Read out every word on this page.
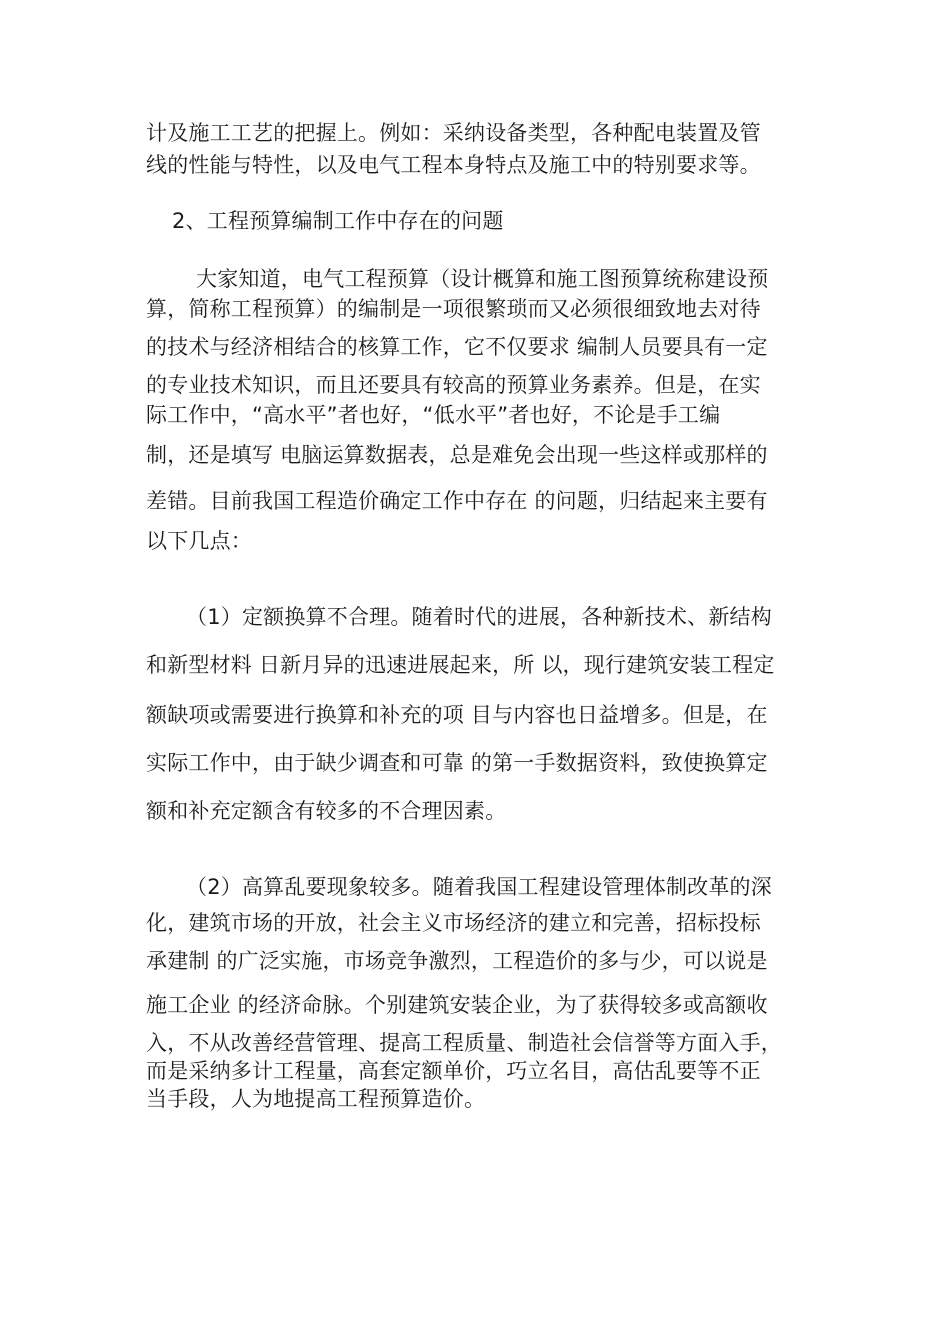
计及施工工艺的把握上。例如：采纳设备类型，各种配电装置及管
线的性能与特性，以及电气工程本身特点及施工中的特别要求等。
2、工程预算编制工作中存在的问题
大家知道，电气工程预算（设计概算和施工图预算统称建设预
算，简称工程预算）的编制是一项很繁琐而又必须很细致地去对待
的技术与经济相结合的核算工作，它不仅要求 编制人员要具有一定
的专业技术知识，而且还要具有较高的预算业务素养。但是，在实
际工作中，“高水平”者也好，“低水平”者也好，不论是手工编
制，还是填写 电脑运算数据表，总是难免会出现一些这样或那样的
差错。目前我国工程造价确定工作中存在 的问题，归结起来主要有
以下几点：
（1）定额换算不合理。随着时代的进展，各种新技术、新结构
和新型材料 日新月异的迅速进展起来，所 以，现行建筑安装工程定
额缺项或需要进行换算和补充的项 目与内容也日益增多。但是，在
实际工作中，由于缺少调查和可靠 的第一手数据资料，致使换算定
额和补充定额含有较多的不合理因素。
（2）高算乱要现象较多。随着我国工程建设管理体制改革的深
化，建筑市场的开放，社会主义市场经济的建立和完善，招标投标
承建制 的广泛实施，市场竞争激烈，工程造价的多与少，可以说是
施工企业 的经济命脉。个别建筑安装企业，为了获得较多或高额收
入，不从改善经营管理、提高工程质量、制造社会信誉等方面入手，
而是采纳多计工程量，高套定额单价，巧立名目，高估乱要等不正
当手段，人为地提高工程预算造价。
